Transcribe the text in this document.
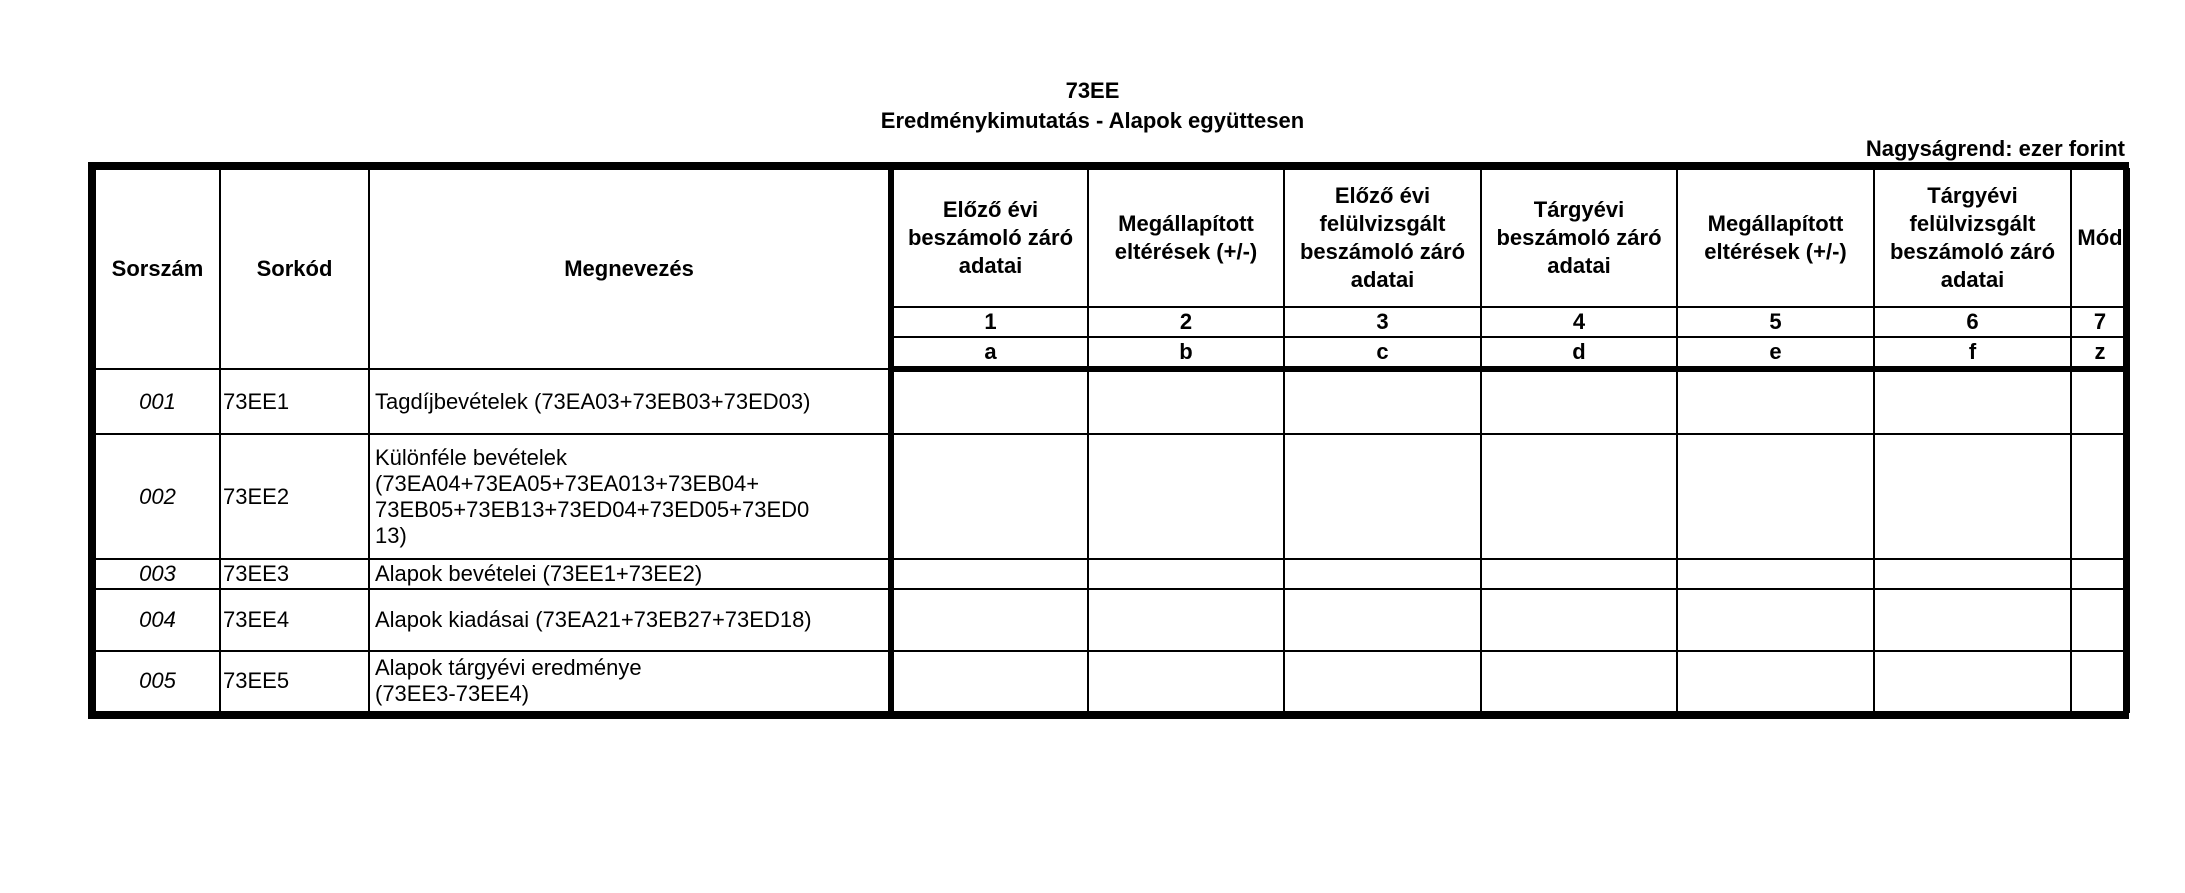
73EE
Eredménykimutatás - Alapok együttesen
Nagyságrend: ezer forint
Sorszám	Sorkód	Megnevezés	Előző évi beszámoló záró adatai	Megállapított eltérések (+/-)	Előző évi felülvizsgált beszámoló záró adatai	Tárgyévi beszámoló záró adatai	Megállapított eltérések (+/-)	Tárgyévi felülvizsgált beszámoló záró adatai	Mód
			1	2	3	4	5	6	7
			a	b	c	d	e	f	z
001	73EE1	Tagdíjbevételek (73EA03+73EB03+73ED03)							
002	73EE2	Különféle bevételek
(73EA04+73EA05+73EA013+73EB04+
73EB05+73EB13+73ED04+73ED05+73ED0
13)							
003	73EE3	Alapok bevételei (73EE1+73EE2)							
004	73EE4	Alapok kiadásai (73EA21+73EB27+73ED18)							
005	73EE5	Alapok tárgyévi eredménye
(73EE3-73EE4)							
